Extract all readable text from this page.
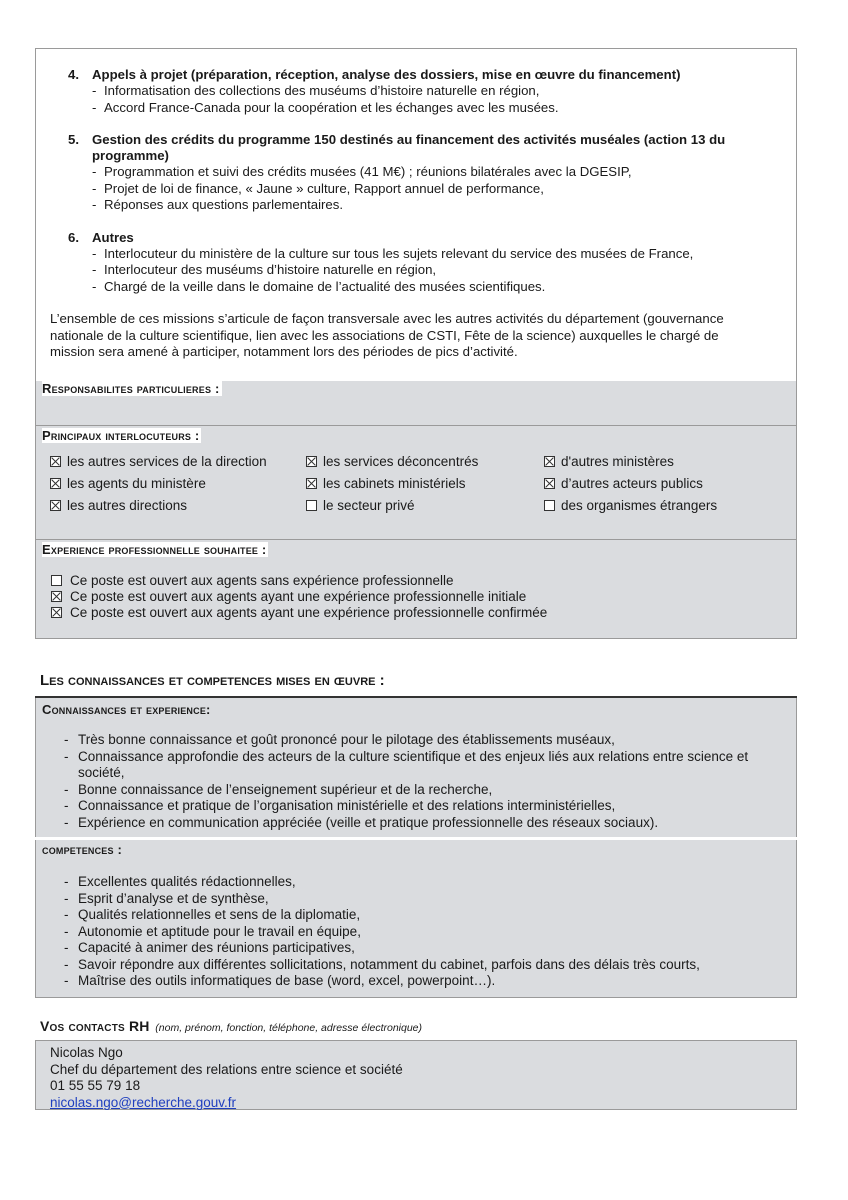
4. Appels à projet (préparation, réception, analyse des dossiers, mise en œuvre du financement)
- Informatisation des collections des muséums d’histoire naturelle en région,
- Accord France-Canada pour la coopération et les échanges avec les musées.
5. Gestion des crédits du programme 150 destinés au financement des activités muséales (action 13 du programme)
- Programmation et suivi des crédits musées (41 M€) ; réunions bilatérales avec la DGESIP,
- Projet de loi de finance, « Jaune » culture, Rapport annuel de performance,
- Réponses aux questions parlementaires.
6. Autres
- Interlocuteur du ministère de la culture sur tous les sujets relevant du service des musées de France,
- Interlocuteur des muséums d’histoire naturelle en région,
- Chargé de la veille dans le domaine de l’actualité des musées scientifiques.

L’ensemble de ces missions s’articule de façon transversale avec les autres activités du département (gouvernance nationale de la culture scientifique, lien avec les associations de CSTI, Fête de la science) auxquelles le chargé de mission sera amené à participer, notamment lors des périodes de pics d’activité.

Responsabilites particulieres :
Principaux interlocuteurs :
les autres services de la direction	les services déconcentrés	d'autres ministères
les agents du ministère	les cabinets ministériels	d’autres acteurs publics
les autres directions	le secteur privé	des organismes étrangers
Experience professionnelle souhaitee :
Ce poste est ouvert aux agents sans expérience professionnelle
Ce poste est ouvert aux agents ayant une expérience professionnelle initiale
Ce poste est ouvert aux agents ayant une expérience professionnelle confirmée
Les connaissances et competences mises en œuvre :
Connaissances et experience:
- Très bonne connaissance et goût prononcé pour le pilotage des établissements muséaux,
- Connaissance approfondie des acteurs de la culture scientifique et des enjeux liés aux relations entre science et société,
- Bonne connaissance de l’enseignement supérieur et de la recherche,
- Connaissance et pratique de l’organisation ministérielle et des relations interministérielles,
- Expérience en communication appréciée (veille et pratique professionnelle des réseaux sociaux).
competences :
- Excellentes qualités rédactionnelles,
- Esprit d’analyse et de synthèse,
- Qualités relationnelles et sens de la diplomatie,
- Autonomie et aptitude pour le travail en équipe,
- Capacité à animer des réunions participatives,
- Savoir répondre aux différentes sollicitations, notamment du cabinet, parfois dans des délais très courts,
- Maîtrise des outils informatiques de base (word, excel, powerpoint…).
Vos contacts RH (nom, prénom, fonction, téléphone, adresse électronique)
Nicolas Ngo
Chef du département des relations entre science et société
01 55 55 79 18
nicolas.ngo@recherche.gouv.fr
